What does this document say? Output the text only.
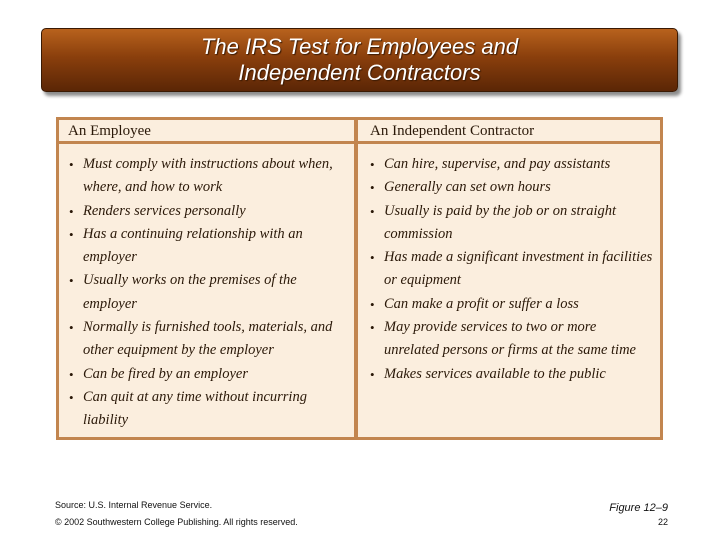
The IRS Test for Employees and
Independent Contractors
An Employee
• Must comply with instructions about when, where, and how to work
• Renders services personally
• Has a continuing relationship with an employer
• Usually works on the premises of the employer
• Normally is furnished tools, materials, and other equipment by the employer
• Can be fired by an employer
• Can quit at any time without incurring liability
An Independent Contractor
• Can hire, supervise, and pay assistants
• Generally can set own hours
• Usually is paid by the job or on straight commission
• Has made a significant investment in facilities or equipment
• Can make a profit or suffer a loss
• May provide services to two or more unrelated persons or firms at the same time
• Makes services available to the public
Source: U.S. Internal Revenue Service.
© 2002 Southwestern College Publishing. All rights reserved.
Figure 12–9
22
